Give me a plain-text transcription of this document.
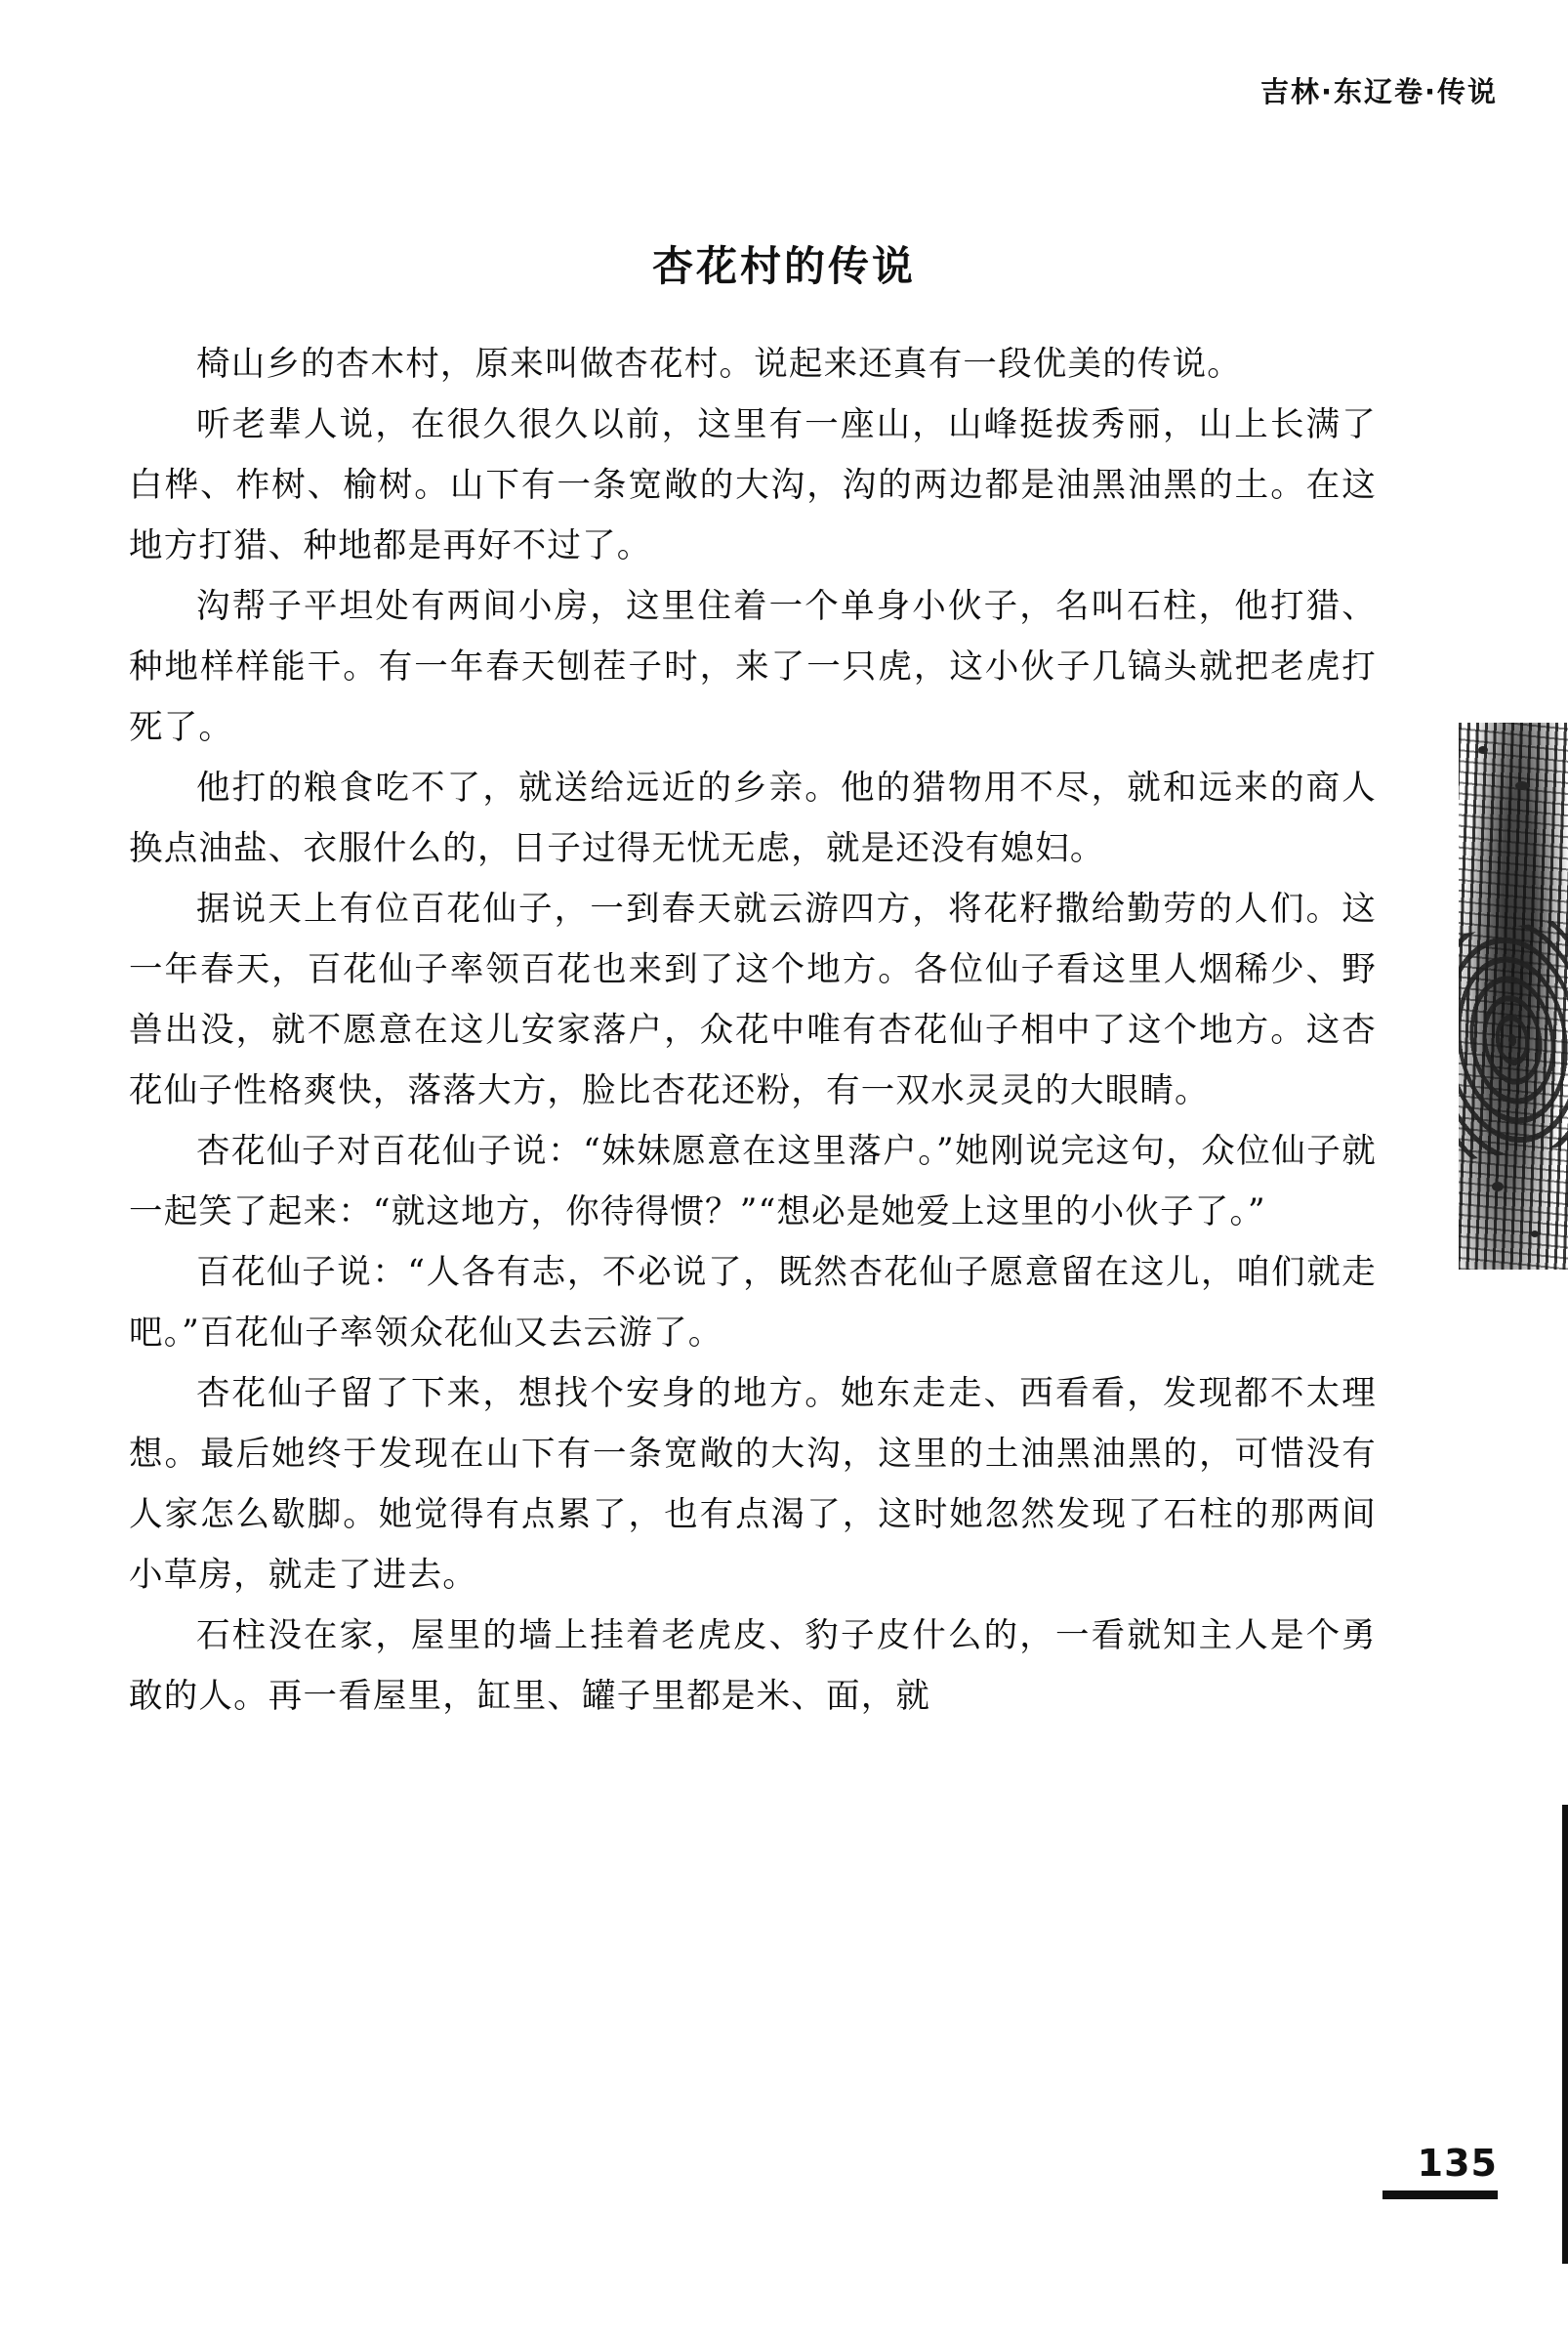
吉林·东辽卷·传说
杏花村的传说

椅山乡的杏木村，原来叫做杏花村。说起来还真有一段优美的传说。

听老辈人说，在很久很久以前，这里有一座山，山峰挺拔秀丽，山上长满了白桦、柞树、榆树。山下有一条宽敞的大沟，沟的两边都是油黑油黑的土。在这地方打猎、种地都是再好不过了。

沟帮子平坦处有两间小房，这里住着一个单身小伙子，名叫石柱，他打猎、种地样样能干。有一年春天刨茬子时，来了一只虎，这小伙子几镐头就把老虎打死了。

他打的粮食吃不了，就送给远近的乡亲。他的猎物用不尽，就和远来的商人换点油盐、衣服什么的，日子过得无忧无虑，就是还没有媳妇。

据说天上有位百花仙子，一到春天就云游四方，将花籽撒给勤劳的人们。这一年春天，百花仙子率领百花也来到了这个地方。各位仙子看这里人烟稀少、野兽出没，就不愿意在这儿安家落户，众花中唯有杏花仙子相中了这个地方。这杏花仙子性格爽快，落落大方，脸比杏花还粉，有一双水灵灵的大眼睛。

杏花仙子对百花仙子说：“妹妹愿意在这里落户。”她刚说完这句，众位仙子就一起笑了起来：“就这地方，你待得惯？”“想必是她爱上这里的小伙子了。”

百花仙子说：“人各有志，不必说了，既然杏花仙子愿意留在这儿，咱们就走吧。”百花仙子率领众花仙又去云游了。

杏花仙子留了下来，想找个安身的地方。她东走走、西看看，发现都不太理想。最后她终于发现在山下有一条宽敞的大沟，这里的土油黑油黑的，可惜没有人家怎么歇脚。她觉得有点累了，也有点渴了，这时她忽然发现了石柱的那两间小草房，就走了进去。

石柱没在家，屋里的墙上挂着老虎皮、豹子皮什么的，一看就知主人是个勇敢的人。再一看屋里，缸里、罐子里都是米、面，就

135
